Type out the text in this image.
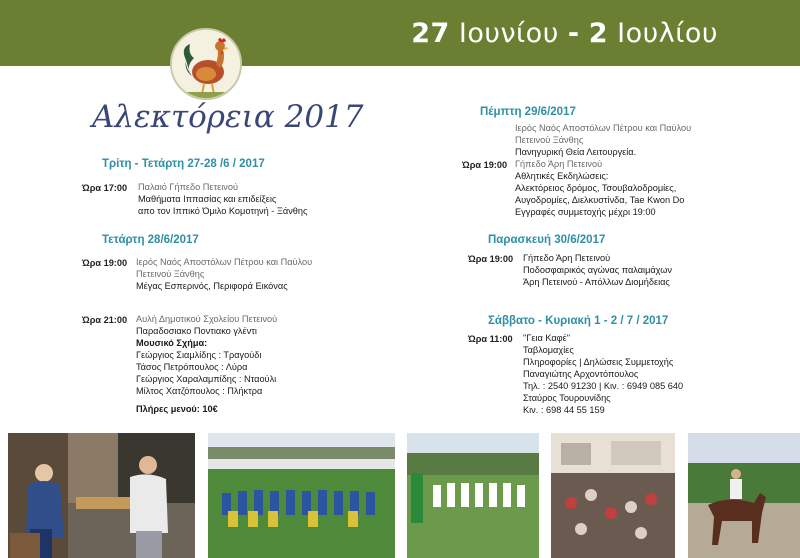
27 Ιουνίου - 2 Ιουλίου
Αλεκτόρεια 2017
Τρίτη - Τετάρτη 27-28 /6 / 2017
Ώρα 17:00 Παλαιό Γήπεδο Πετεινού
Μαθήματα Ιππασίας και επιδείξεις
απο τον Ιππικό Όμιλο Κομοτηνή - Ξάνθης
Τετάρτη 28/6/2017
Ώρα 19:00 Ιερός Ναός Αποστόλων Πέτρου και Παύλου
Πετεινού Ξάνθης
Μέγας Εσπερινός, Περιφορά Εικόνας
Ώρα 21:00 Αυλή Δημοτικού Σχολείου Πετεινού
Παραδοσιακο Ποντιακο γλέντι
Μουσικό Σχήμα:
Γεώργιος Σιαμλίδης : Τραγούδι
Τάσος Πετρόπουλος : Λύρα
Γεώργιος Χαραλαμπίδης : Νταούλι
Μίλτος Χατζόπουλος : Πλήκτρα
Πλήρες μενού: 10€
Πέμπτη 29/6/2017
Ιερός Ναός Αποστόλων Πέτρου και Παύλου
Πετεινού Ξάνθης
Πανηγυρική Θεία Λειτουργεία.
Ώρα 19:00 Γήπεδο Άρη Πετεινού
Αθλητικές Εκδηλώσεις:
Αλεκτόρειος δρόμος, Τσουβαλοδρομίες,
Αυγοδρομίες, Διελκυστίνδα, Tae Kwon Do
Εγγραφές συμμετοχής μέχρι 19:00
Παρασκευή 30/6/2017
Ώρα 19:00 Γήπεδο Άρη Πετεινού
Ποδοσφαιρικός αγώνας παλαιμάχων
Άρη Πετεινού - Απόλλων Διομήδειας
Σάββατο - Κυριακή 1 - 2 / 7 / 2017
Ώρα 11:00 "Γεια Καφέ"
Ταβλομαχίες
Πληροφορίες | Δηλώσεις Συμμετοχής
Παναγιώτης Αρχοντόπουλος
Τηλ. : 2540 91230 | Κιν. : 6949 085 640
Σταύρος Τουρουνίδης
Κιν. : 698 44 55 159
